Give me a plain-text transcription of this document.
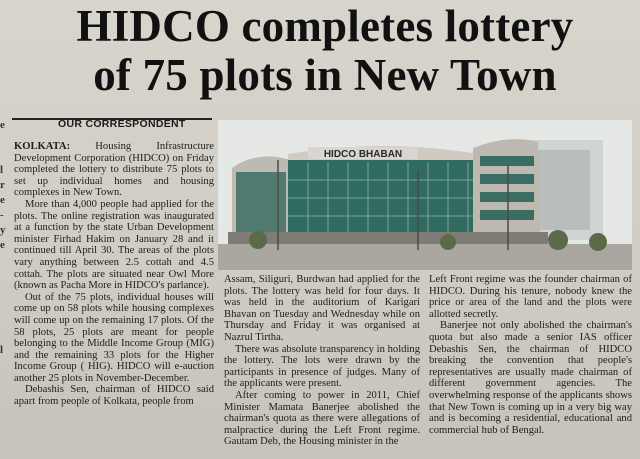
e

l
r
e
-
y
e

l

HIDCO completes lottery
of 75 plots in New Town
OUR CORRESPONDENT

KOLKATA: Housing Infrastructure Development Corporation (HIDCO) on Friday completed the lottery to distribute 75 plots to set up individual homes and housing complexes in New Town.

More than 4,000 people had applied for the plots. The online registration was inaugurated at a function by the state Urban Development minister Firhad Hakim on January 28 and it continued till April 30. The areas of the plots vary anything between 2.5 cottah and 4.5 cottah. The plots are situated near Owl More (known as Pacha More in HIDCO's parlance).

Out of the 75 plots, individual houses will come up on 58 plots while housing complexes will come up on the remaining 17 plots. Of the 58 plots, 25 plots are meant for people belonging to the Middle Income Group (MIG) and the remaining 33 plots for the Higher Income Group ( HIG). HIDCO will e-auction another 25 plots in November-December.

Debashis Sen, chairman of HIDCO said apart from people of Kolkata, people from

HIDCO BHABAN

Assam, Siliguri, Burdwan had applied for the plots. The lottery was held for four days. It was held in the auditorium of Karigari Bhavan on Tuesday and Wednesday while on Thursday and Friday it was organised at Nazrul Tirtha.

There was absolute transparency in holding the lottery. The lots were drawn by the participants in presence of judges. Many of the applicants were present.

After coming to power in 2011, Chief Minister Mamata Banerjee abolished the chairman's quota as there were allegations of malpractice during the Left Front regime. Gautam Deb, the Housing minister in the

Left Front regime was the founder chairman of HIDCO. During his tenure, nobody knew the price or area of the land and the plots were allotted secretly.

Banerjee not only abolished the chairman's quota but also made a senior IAS officer Debashis Sen, the chairman of HIDCO breaking the convention that people's representatives are usually made chairman of different government agencies. The overwhelming response of the applicants shows that New Town is coming up in a very big way and is becoming a residential, educational and commercial hub of Bengal.
